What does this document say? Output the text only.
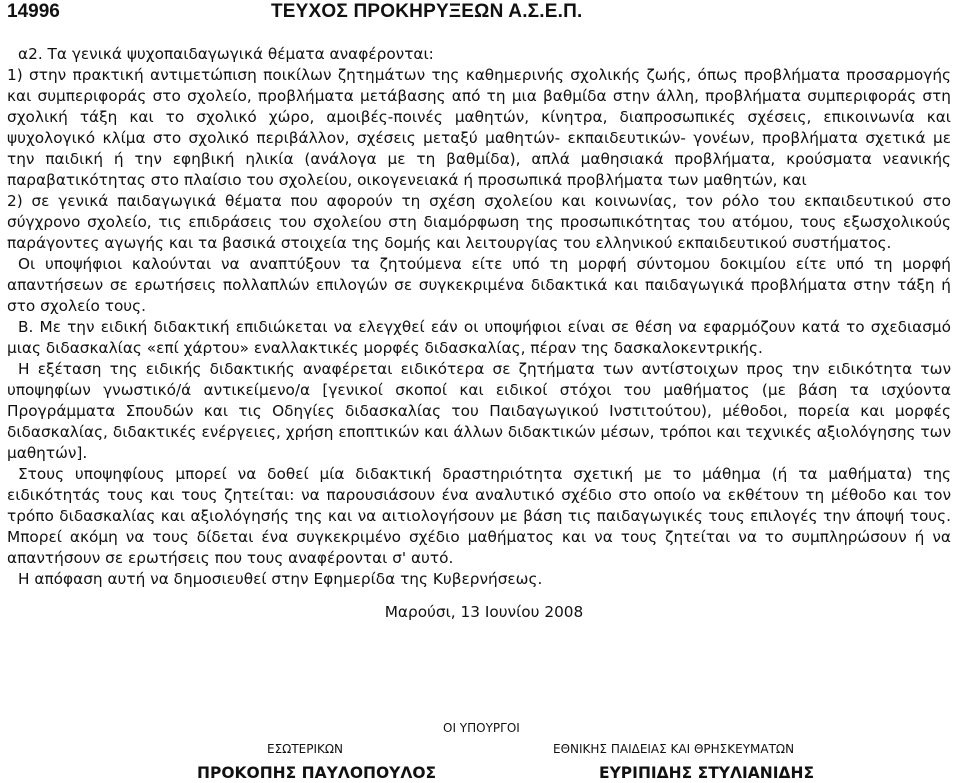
14996	ΤΕΥΧΟΣ ΠΡΟΚΗΡΥΞΕΩΝ Α.Σ.Ε.Π.

α2. Τα γενικά ψυχοπαιδαγωγικά θέματα αναφέρονται:

1) στην πρακτική αντιμετώπιση ποικίλων ζητημάτων της καθημερινής σχολικής ζωής, όπως προβλήματα προσαρμογής και συμπεριφοράς στο σχολείο, προβλήματα μετάβασης από τη μια βαθμίδα στην άλλη, προβλήματα συμπεριφοράς στη σχολική τάξη και το σχολικό χώρο, αμοιβές-ποινές μαθητών, κίνητρα, διαπροσωπικές σχέσεις, επικοινωνία και ψυχολογικό κλίμα στο σχολικό περιβάλλον, σχέσεις μεταξύ μαθητών- εκπαιδευτικών- γονέων, προβλήματα σχετικά με την παιδική ή την εφηβική ηλικία (ανάλογα με τη βαθμίδα), απλά μαθησιακά προβλήματα, κρούσματα νεανικής παραβατικότητας στο πλαίσιο του σχολείου, οικογενειακά ή προσωπικά προβλήματα των μαθητών, και

2) σε γενικά παιδαγωγικά θέματα που αφορούν τη σχέση σχολείου και κοινωνίας, τον ρόλο του εκπαιδευτικού στο σύγχρονο σχολείο, τις επιδράσεις του σχολείου στη διαμόρφωση της προσωπικότητας του ατόμου, τους εξωσχολικούς παράγοντες αγωγής και τα βασικά στοιχεία της δομής και λειτουργίας του ελληνικού εκπαιδευτικού συστήματος.

Οι υποψήφιοι καλούνται να αναπτύξουν τα ζητούμενα είτε υπό τη μορφή σύντομου δοκιμίου είτε υπό τη μορφή απαντήσεων σε ερωτήσεις πολλαπλών επιλογών σε συγκεκριμένα διδακτικά και παιδαγωγικά προβλήματα στην τάξη ή στο σχολείο τους.

Β. Με την ειδική διδακτική επιδιώκεται να ελεγχθεί εάν οι υποψήφιοι είναι σε θέση να εφαρμόζουν κατά το σχεδιασμό μιας διδασκαλίας «επί χάρτου» εναλλακτικές μορφές διδασκαλίας, πέραν της δασκαλοκεντρικής.

Η εξέταση της ειδικής διδακτικής αναφέρεται ειδικότερα σε ζητήματα των αντίστοιχων προς την ειδικότητα των υποψηφίων γνωστικό/ά αντικείμενο/α [γενικοί σκοποί και ειδικοί στόχοι του μαθήματος (με βάση τα ισχύοντα Προγράμματα Σπουδών και τις Οδηγίες διδασκαλίας του Παιδαγωγικού Ινστιτούτου), μέθοδοι, πορεία και μορφές διδασκαλίας, διδακτικές ενέργειες, χρήση εποπτικών και άλλων διδακτικών μέσων, τρόποι και τεχνικές αξιολόγησης των μαθητών].

Στους υποψηφίους μπορεί να δοθεί μία διδακτική δραστηριότητα σχετική με το μάθημα (ή τα μαθήματα) της ειδικότητάς τους και τους ζητείται: να παρουσιάσουν ένα αναλυτικό σχέδιο στο οποίο να εκθέτουν τη μέθοδο και τον τρόπο διδασκαλίας και αξιολόγησής της και να αιτιολογήσουν με βάση τις παιδαγωγικές τους επιλογές την άποψή τους. Μπορεί ακόμη να τους δίδεται ένα συγκεκριμένο σχέδιο μαθήματος και να τους ζητείται να το συμπληρώσουν ή να απαντήσουν σε ερωτήσεις που τους αναφέρονται σ' αυτό.

Η απόφαση αυτή να δημοσιευθεί στην Εφημερίδα της Κυβερνήσεως.

Μαρούσι, 13 Ιουνίου 2008

ΟΙ ΥΠΟΥΡΓΟΙ
ΕΣΩΤΕΡΙΚΩΝ	ΕΘΝΙΚΗΣ ΠΑΙΔΕΙΑΣ ΚΑΙ ΘΡΗΣΚΕΥΜΑΤΩΝ
ΠΡΟΚΟΠΗΣ ΠΑΥΛΟΠΟΥΛΟΣ	ΕΥΡΙΠΙΔΗΣ ΣΤΥΛΙΑΝΙΔΗΣ
